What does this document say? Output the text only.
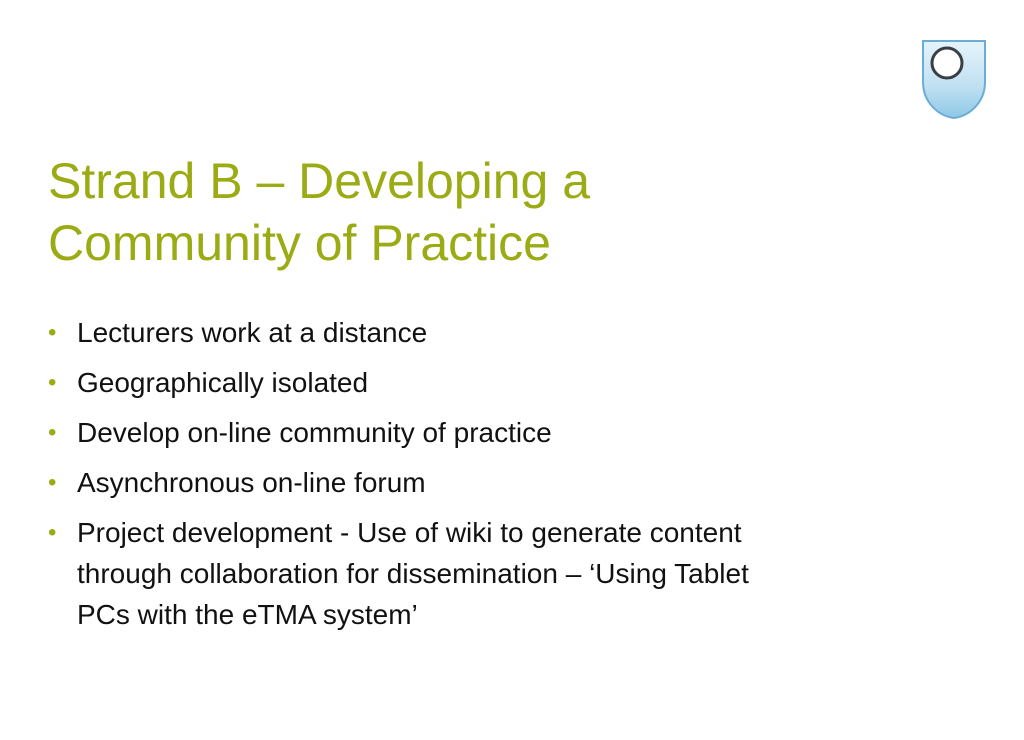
Strand B – Developing a
Community of Practice
• Lecturers work at a distance
• Geographically isolated
• Develop on-line community of practice
• Asynchronous on-line forum
• Project development - Use of wiki to generate content
through collaboration for dissemination – ‘Using Tablet
PCs with the eTMA system’
